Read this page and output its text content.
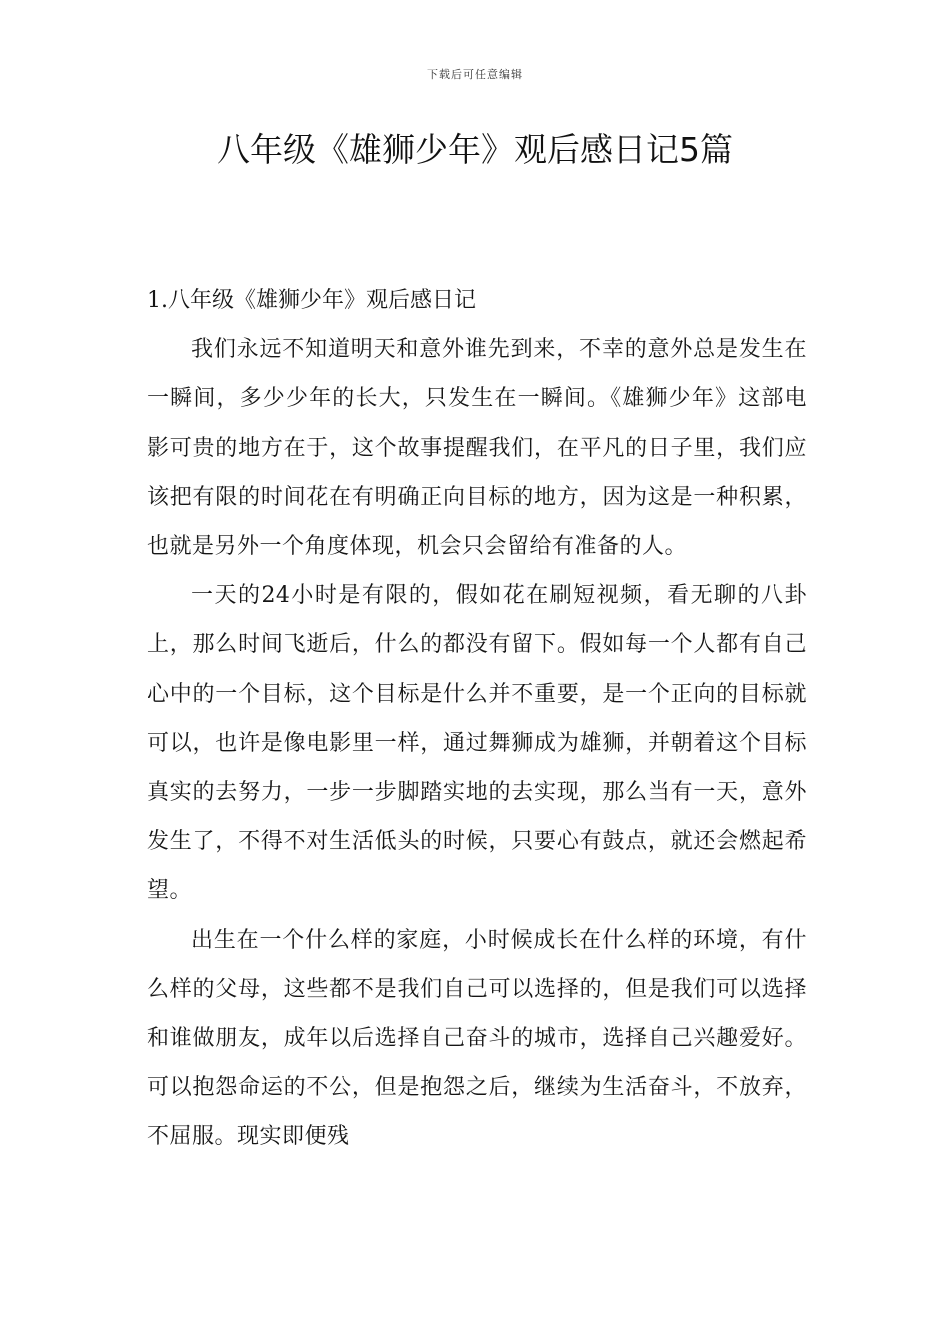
下载后可任意编辑
八年级《雄狮少年》观后感日记5篇
1.八年级《雄狮少年》观后感日记

我们永远不知道明天和意外谁先到来，不幸的意外总是发生在一瞬间，多少少年的长大，只发生在一瞬间。《雄狮少年》这部电影可贵的地方在于，这个故事提醒我们，在平凡的日子里，我们应该把有限的时间花在有明确正向目标的地方，因为这是一种积累，也就是另外一个角度体现，机会只会留给有准备的人。

一天的24小时是有限的，假如花在刷短视频，看无聊的八卦上，那么时间飞逝后，什么的都没有留下。假如每一个人都有自己心中的一个目标，这个目标是什么并不重要，是一个正向的目标就可以，也许是像电影里一样，通过舞狮成为雄狮，并朝着这个目标真实的去努力，一步一步脚踏实地的去实现，那么当有一天，意外发生了，不得不对生活低头的时候，只要心有鼓点，就还会燃起希望。

出生在一个什么样的家庭，小时候成长在什么样的环境，有什么样的父母，这些都不是我们自己可以选择的，但是我们可以选择和谁做朋友，成年以后选择自己奋斗的城市，选择自己兴趣爱好。可以抱怨命运的不公，但是抱怨之后，继续为生活奋斗，不放弃，不屈服。现实即便残
